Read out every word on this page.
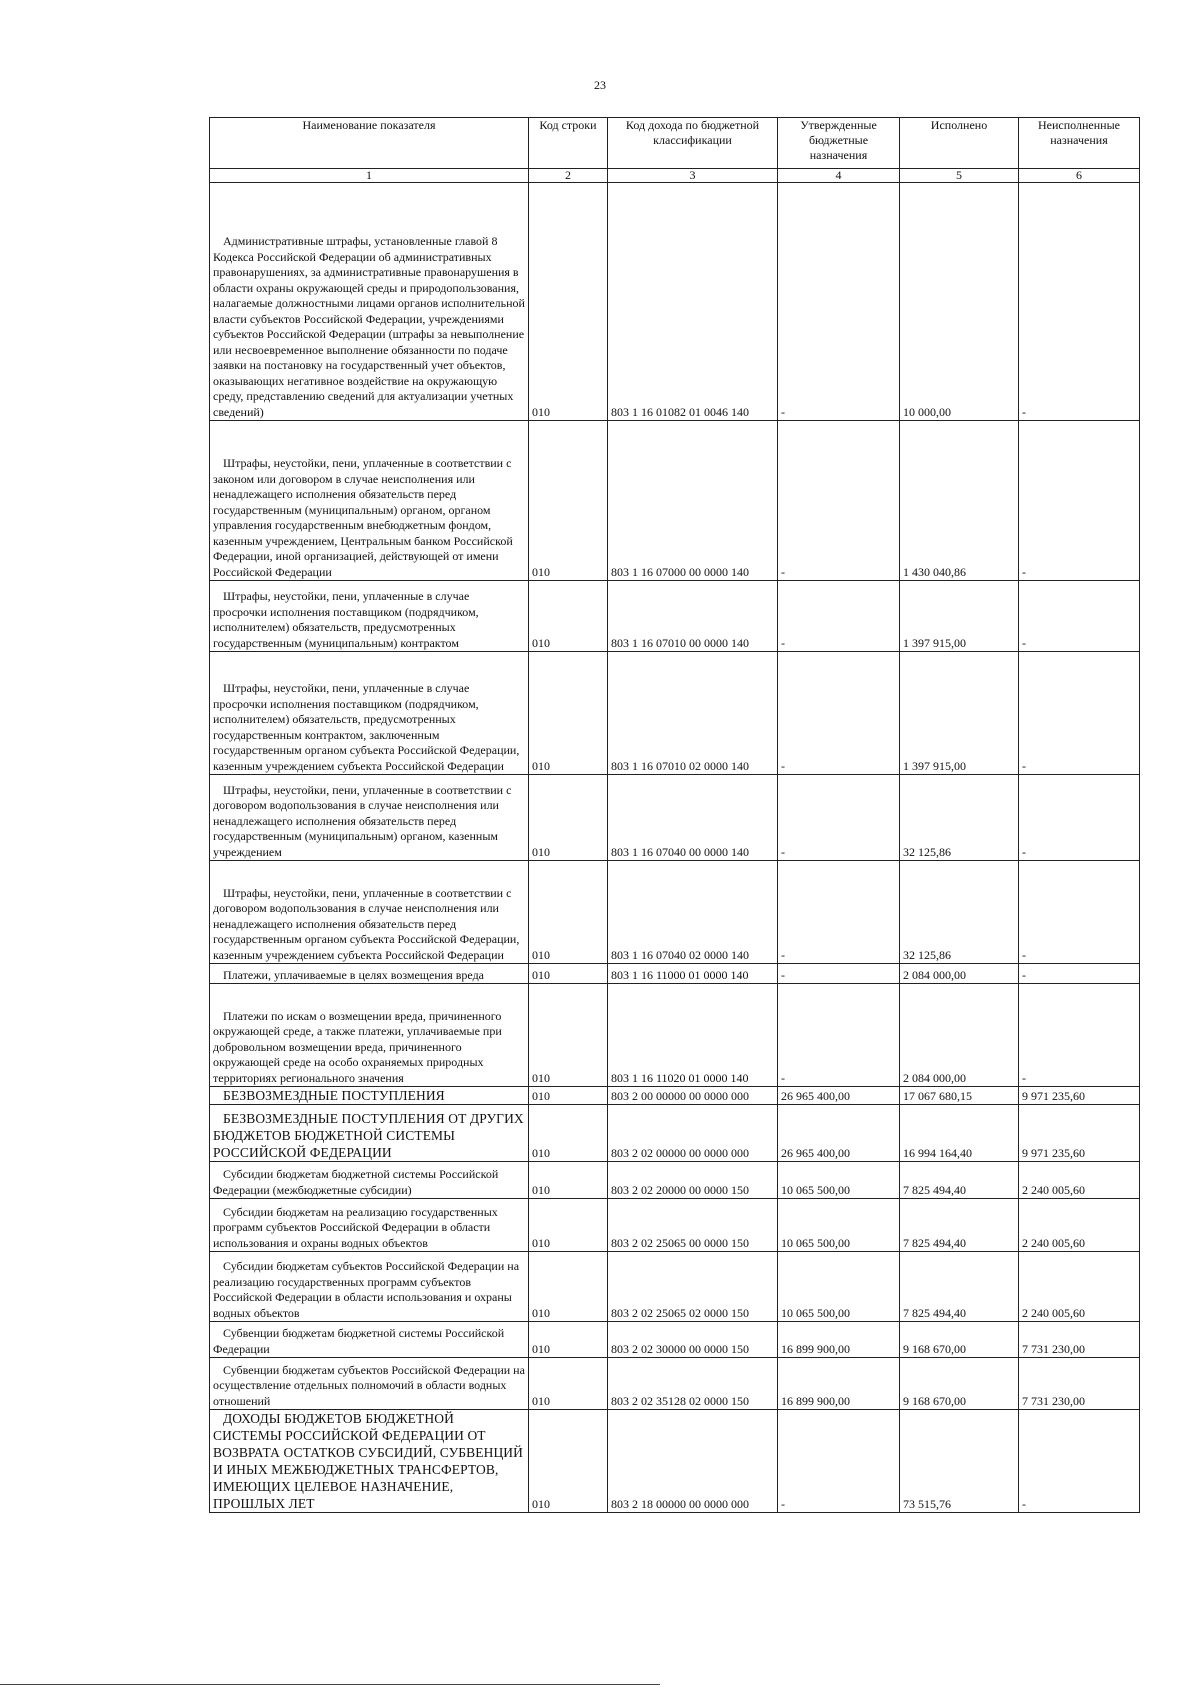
23
Наименование показателя	Код строки	Код дохода по бюджетной классификации	Утвержденные бюджетные назначения	Исполнено	Неисполненные назначения
1	2	3	4	5	6

Административные штрафы, установленные главой 8 Кодекса Российской Федерации об административных правонарушениях, за административные правонарушения в области охраны окружающей среды и природопользования, налагаемые должностными лицами органов исполнительной власти субъектов Российской Федерации, учреждениями субъектов Российской Федерации (штрафы за невыполнение или несвоевременное выполнение обязанности по подаче заявки на постановку на государственный учет объектов, оказывающих негативное воздействие на окружающую среду, представлению сведений для актуализации учетных сведений)	010	803 1 16 01082 01 0046 140	-	10 000,00	-

Штрафы, неустойки, пени, уплаченные в соответствии с законом или договором в случае неисполнения или ненадлежащего исполнения обязательств перед государственным (муниципальным) органом, органом управления государственным внебюджетным фондом, казенным учреждением, Центральным банком Российской Федерации, иной организацией, действующей от имени Российской Федерации	010	803 1 16 07000 00 0000 140	-	1 430 040,86	-

Штрафы, неустойки, пени, уплаченные в случае просрочки исполнения поставщиком (подрядчиком, исполнителем) обязательств, предусмотренных государственным (муниципальным) контрактом	010	803 1 16 07010 00 0000 140	-	1 397 915,00	-

Штрафы, неустойки, пени, уплаченные в случае просрочки исполнения поставщиком (подрядчиком, исполнителем) обязательств, предусмотренных государственным контрактом, заключенным государственным органом субъекта Российской Федерации, казенным учреждением субъекта Российской Федерации	010	803 1 16 07010 02 0000 140	-	1 397 915,00	-

Штрафы, неустойки, пени, уплаченные в соответствии с договором водопользования в случае неисполнения или ненадлежащего исполнения обязательств перед государственным (муниципальным) органом, казенным учреждением	010	803 1 16 07040 00 0000 140	-	32 125,86	-

Штрафы, неустойки, пени, уплаченные в соответствии с договором водопользования в случае неисполнения или ненадлежащего исполнения обязательств перед государственным органом субъекта Российской Федерации, казенным учреждением субъекта Российской Федерации	010	803 1 16 07040 02 0000 140	-	32 125,86	-

Платежи, уплачиваемые в целях возмещения вреда	010	803 1 16 11000 01 0000 140	-	2 084 000,00	-

Платежи по искам о возмещении вреда, причиненного окружающей среде, а также платежи, уплачиваемые при добровольном возмещении вреда, причиненного окружающей среде на особо охраняемых природных территориях регионального значения	010	803 1 16 11020 01 0000 140	-	2 084 000,00	-

БЕЗВОЗМЕЗДНЫЕ ПОСТУПЛЕНИЯ	010	803 2 00 00000 00 0000 000	26 965 400,00	17 067 680,15	9 971 235,60

БЕЗВОЗМЕЗДНЫЕ ПОСТУПЛЕНИЯ ОТ ДРУГИХ БЮДЖЕТОВ БЮДЖЕТНОЙ СИСТЕМЫ РОССИЙСКОЙ ФЕДЕРАЦИИ	010	803 2 02 00000 00 0000 000	26 965 400,00	16 994 164,40	9 971 235,60

Субсидии бюджетам бюджетной системы Российской Федерации (межбюджетные субсидии)	010	803 2 02 20000 00 0000 150	10 065 500,00	7 825 494,40	2 240 005,60

Субсидии бюджетам на реализацию государственных программ субъектов Российской Федерации в области использования и охраны водных объектов	010	803 2 02 25065 00 0000 150	10 065 500,00	7 825 494,40	2 240 005,60

Субсидии бюджетам субъектов Российской Федерации на реализацию государственных программ субъектов Российской Федерации в области использования и охраны водных объектов	010	803 2 02 25065 02 0000 150	10 065 500,00	7 825 494,40	2 240 005,60

Субвенции бюджетам бюджетной системы Российской Федерации	010	803 2 02 30000 00 0000 150	16 899 900,00	9 168 670,00	7 731 230,00

Субвенции бюджетам субъектов Российской Федерации на осуществление отдельных полномочий в области водных отношений	010	803 2 02 35128 02 0000 150	16 899 900,00	9 168 670,00	7 731 230,00

ДОХОДЫ БЮДЖЕТОВ БЮДЖЕТНОЙ СИСТЕМЫ РОССИЙСКОЙ ФЕДЕРАЦИИ ОТ ВОЗВРАТА ОСТАТКОВ СУБСИДИЙ, СУБВЕНЦИЙ И ИНЫХ МЕЖБЮДЖЕТНЫХ ТРАНСФЕРТОВ, ИМЕЮЩИХ ЦЕЛЕВОЕ НАЗНАЧЕНИЕ, ПРОШЛЫХ ЛЕТ	010	803 2 18 00000 00 0000 000	-	73 515,76	-
